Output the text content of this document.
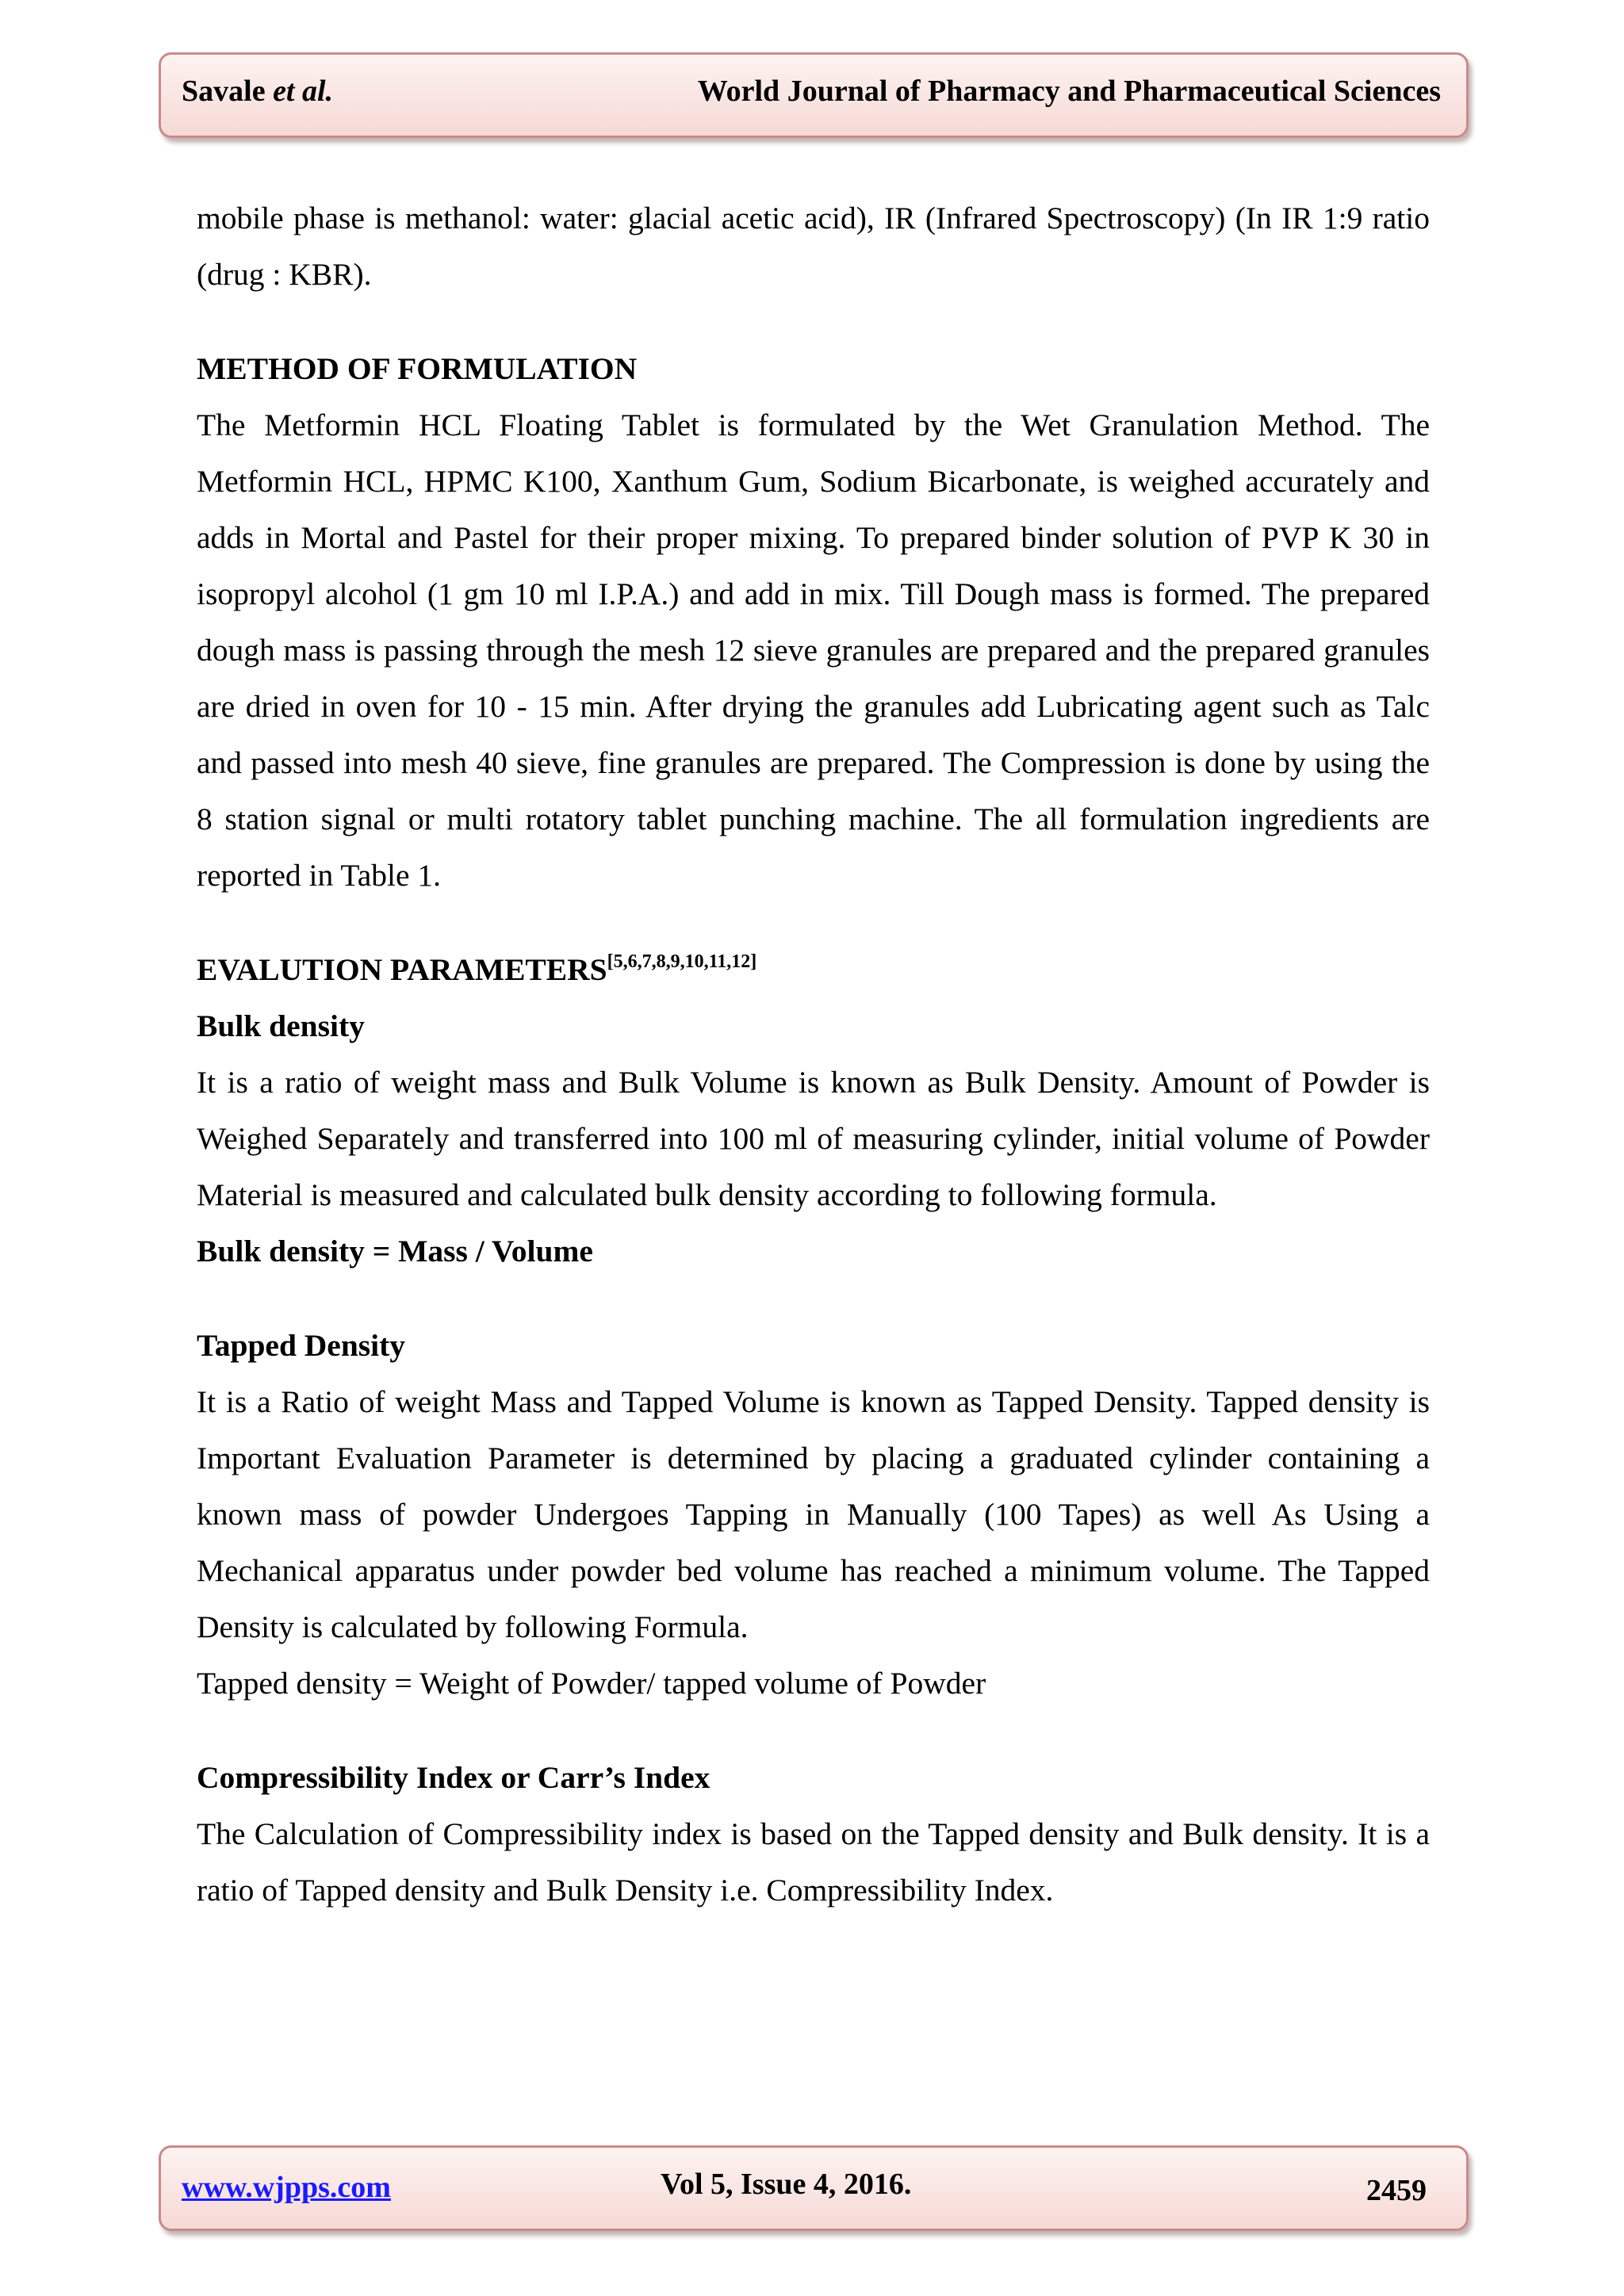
Savale et al.	World Journal of Pharmacy and Pharmaceutical Sciences

mobile phase is methanol: water: glacial acetic acid), IR (Infrared Spectroscopy) (In IR 1:9 ratio (drug : KBR).

METHOD OF FORMULATION

The Metformin HCL Floating Tablet is formulated by the Wet Granulation Method. The Metformin HCL, HPMC K100, Xanthum Gum, Sodium Bicarbonate, is weighed accurately and adds in Mortal and Pastel for their proper mixing. To prepared binder solution of PVP K 30 in isopropyl alcohol (1 gm 10 ml I.P.A.) and add in mix. Till Dough mass is formed. The prepared dough mass is passing through the mesh 12 sieve granules are prepared and the prepared granules are dried in oven for 10 - 15 min. After drying the granules add Lubricating agent such as Talc and passed into mesh 40 sieve, fine granules are prepared. The Compression is done by using the 8 station signal or multi rotatory tablet punching machine. The all formulation ingredients are reported in Table 1.

EVALUTION PARAMETERS[5,6,7,8,9,10,11,12]

Bulk density

It is a ratio of weight mass and Bulk Volume is known as Bulk Density. Amount of Powder is Weighed Separately and transferred into 100 ml of measuring cylinder, initial volume of Powder Material is measured and calculated bulk density according to following formula.

Bulk density = Mass / Volume

Tapped Density

It is a Ratio of weight Mass and Tapped Volume is known as Tapped Density. Tapped density is Important Evaluation Parameter is determined by placing a graduated cylinder containing a known mass of powder Undergoes Tapping in Manually (100 Tapes) as well As Using a Mechanical apparatus under powder bed volume has reached a minimum volume. The Tapped Density is calculated by following Formula.

Tapped density = Weight of Powder/ tapped volume of Powder

Compressibility Index or Carr’s Index

The Calculation of Compressibility index is based on the Tapped density and Bulk density. It is a ratio of Tapped density and Bulk Density i.e. Compressibility Index.

www.wjpps.com	Vol 5, Issue 4, 2016.	2459
